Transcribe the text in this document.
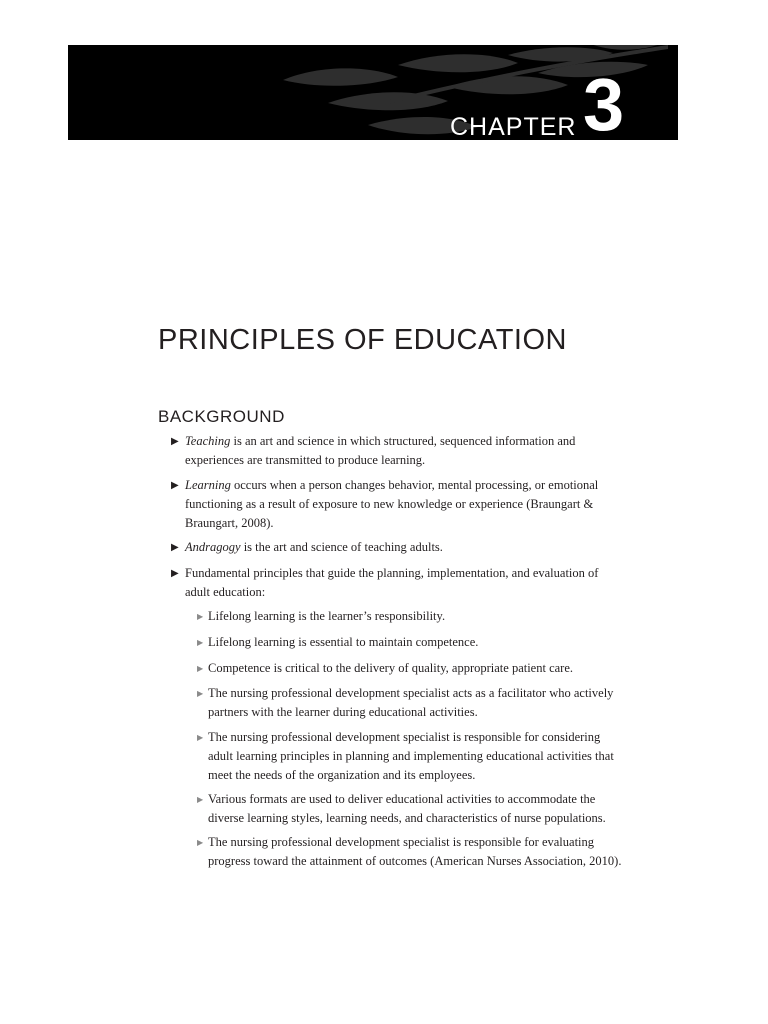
CHAPTER 3
PRINCIPLES OF EDUCATION
BACKGROUND
▶ Teaching is an art and science in which structured, sequenced information and experiences are transmitted to produce learning.
▶ Learning occurs when a person changes behavior, mental processing, or emotional functioning as a result of exposure to new knowledge or experience (Braungart & Braungart, 2008).
▶ Andragogy is the art and science of teaching adults.
▶ Fundamental principles that guide the planning, implementation, and evaluation of adult education:
▶ Lifelong learning is the learner’s responsibility.
▶ Lifelong learning is essential to maintain competence.
▶ Competence is critical to the delivery of quality, appropriate patient care.
▶ The nursing professional development specialist acts as a facilitator who actively partners with the learner during educational activities.
▶ The nursing professional development specialist is responsible for considering adult learning principles in planning and implementing educational activities that meet the needs of the organization and its employees.
▶ Various formats are used to deliver educational activities to accommodate the diverse learning styles, learning needs, and characteristics of nurse populations.
▶ The nursing professional development specialist is responsible for evaluating progress toward the attainment of outcomes (American Nurses Association, 2010).
